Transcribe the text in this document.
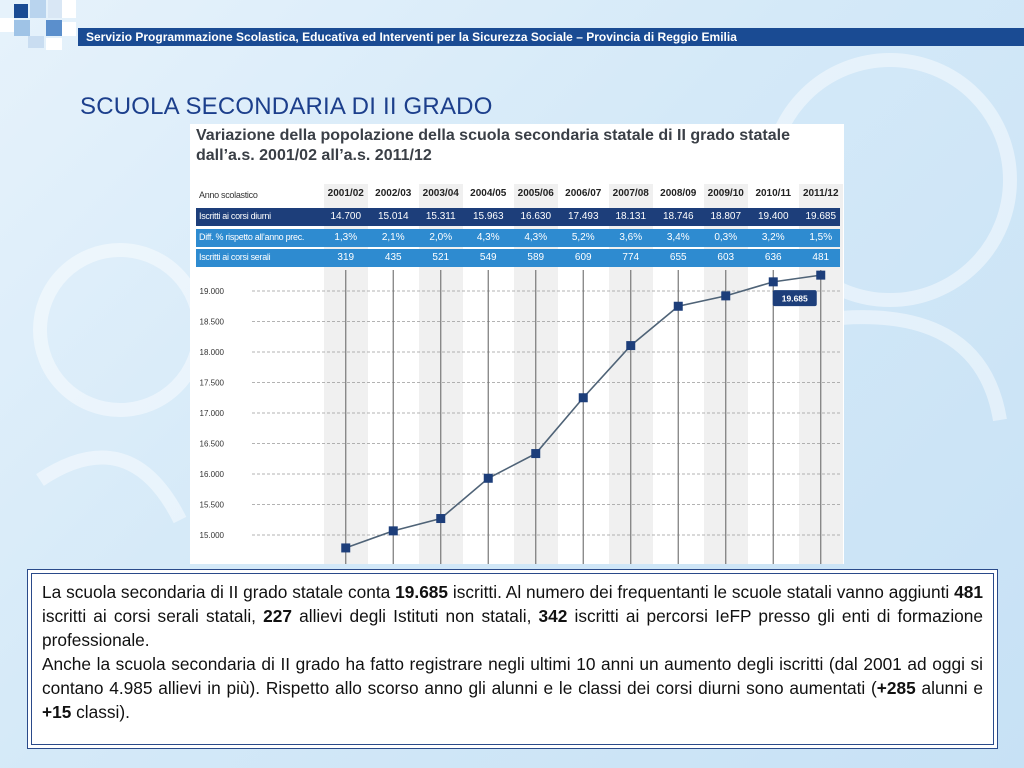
Servizio Programmazione Scolastica, Educativa ed Interventi per la Sicurezza Sociale – Provincia di Reggio Emilia
SCUOLA SECONDARIA DI II GRADO
Variazione della popolazione della scuola secondaria statale di II grado statale
dall’a.s. 2001/02 all’a.s. 2011/12
Anno scolastico	2001/02	2002/03	2003/04	2004/05	2005/06	2006/07	2007/08	2008/09	2009/10	2010/11	2011/12
Iscritti ai corsi diurni	14.700	15.014	15.311	15.963	16.630	17.493	18.131	18.746	18.807	19.400	19.685
Diff. % rispetto all’anno prec.	1,3%	2,1%	2,0%	4,3%	4,3%	5,2%	3,6%	3,4%	0,3%	3,2%	1,5%
Iscritti ai corsi serali	319	435	521	549	589	609	774	655	603	636	481
15.000
15.500
16.000
16.500
17.000
17.500
18.000
18.500
19.000
19.685
La scuola secondaria di II grado statale conta 19.685 iscritti. Al numero dei frequentanti le scuole statali vanno aggiunti 481 iscritti ai corsi serali statali, 227 allievi degli Istituti non statali, 342 iscritti ai percorsi IeFP presso gli enti di formazione professionale.
Anche la scuola secondaria di II grado ha fatto registrare negli ultimi 10 anni un aumento degli iscritti (dal 2001 ad oggi si contano 4.985 allievi in più). Rispetto allo scorso anno gli alunni e le classi dei corsi diurni sono aumentati (+285 alunni e +15 classi).
